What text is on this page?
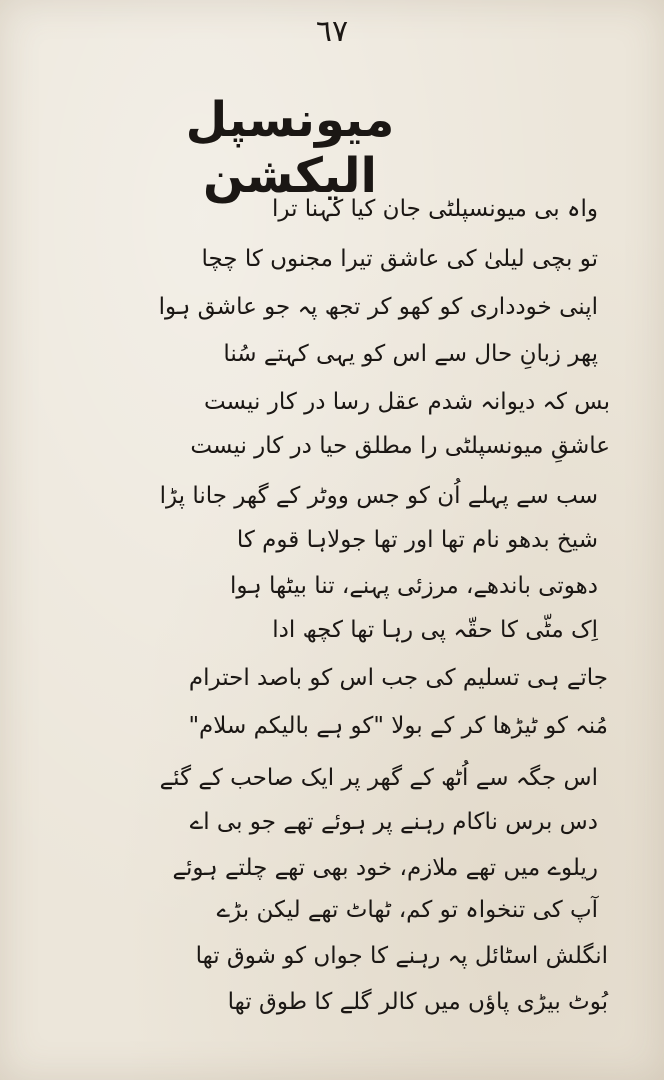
٦٧
میونسپل الیکشن
واہ بی میونسپلٹی جان کیا کہنا ترا
تو بچی لیلیٰ کی عاشق تیرا مجنوں کا چچا
اپنی خودداری کو کھو کر تجھ پہ جو عاشق ہوا
پھر زبانِ حال سے اس کو یہی کہتے سُنا
بس کہ دیوانہ شدم عقل رسا در کار نیست
عاشقِ میونسپلٹی را مطلق حیا در کار نیست
سب سے پہلے اُن کو جس ووٹر کے گھر جانا پڑا
شیخ بدھو نام تھا اور تھا جولاہا قوم کا
دھوتی باندھے، مرزئی پہنے، تنا بیٹھا ہوا
اِک مٹّی کا حقّہ پی رہا تھا کچھ ادا
جاتے ہی تسلیم کی جب اس کو باصد احترام
مُنہ کو ٹیڑھا کر کے بولا "کو ہے بالیکم سلام"
اس جگہ سے اُٹھ کے گھر پر ایک صاحب کے گئے
دس برس ناکام رہنے پر ہوئے تھے جو بی اے
ریلوے میں تھے ملازم، خود بھی تھے چلتے ہوئے
آپ کی تنخواہ تو کم، ٹھاٹ تھے لیکن بڑے
انگلش اسٹائل پہ رہنے کا جواں کو شوق تھا
بُوٹ بیڑی پاؤں میں کالر گلے کا طوق تھا
